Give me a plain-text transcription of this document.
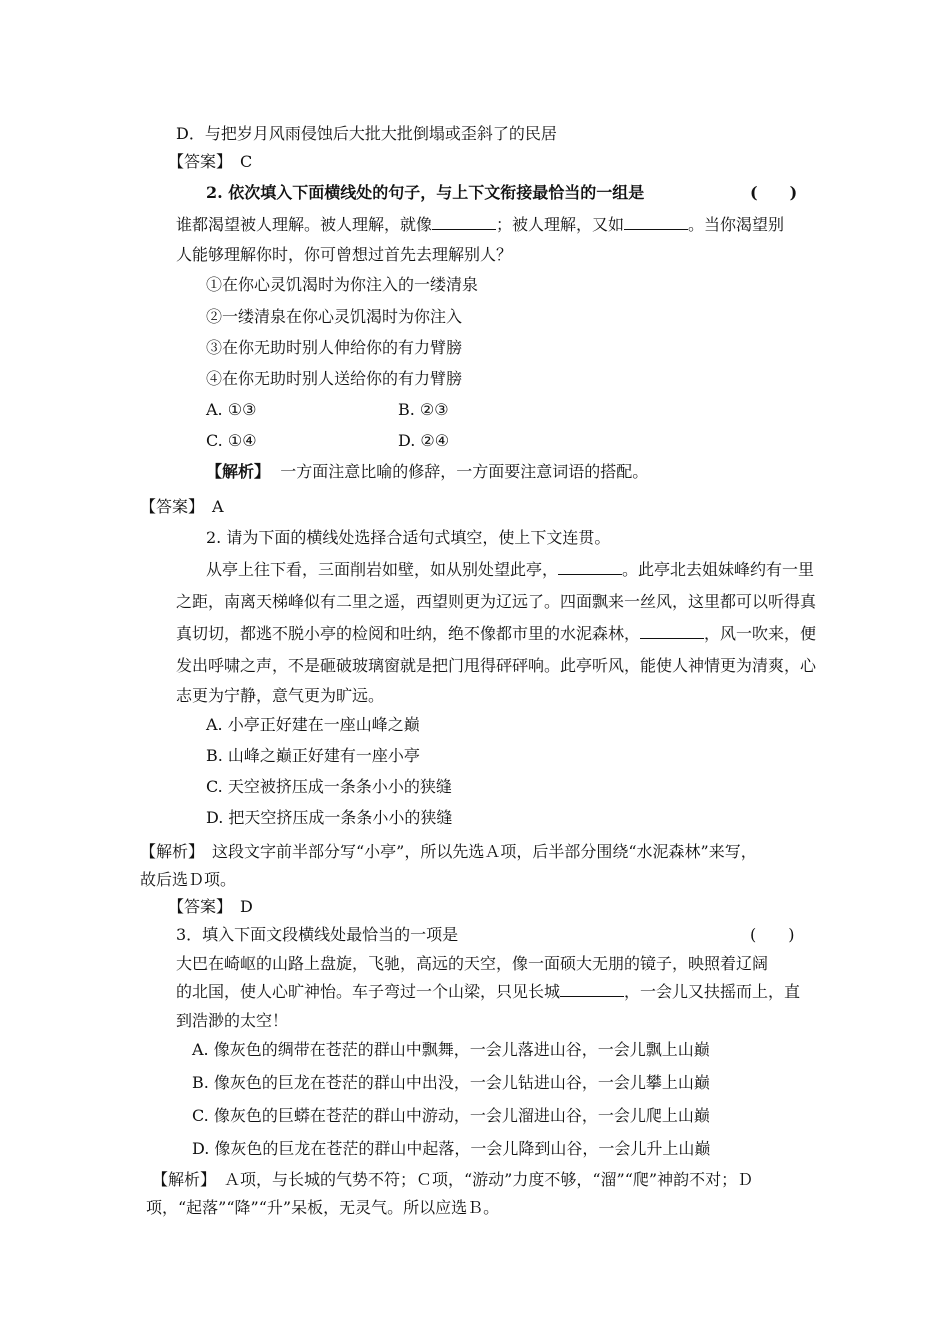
D．与把岁月风雨侵蚀后大批大批倒塌或歪斜了的民居
【答案】　C
2. 依次填入下面横线处的句子，与上下文衔接最恰当的一组是	(　　)
谁都渴望被人理解。被人理解，就像	；被人理解，又如	。当你渴望别
人能够理解你时，你可曾想过首先去理解别人？
①在你心灵饥渴时为你注入的一缕清泉
②一缕清泉在你心灵饥渴时为你注入
③在你无助时别人伸给你的有力臂膀
④在你无助时别人送给你的有力臂膀
A. ①③	B. ②③
C. ①④	D. ②④
【解析】 一方面注意比喻的修辞，一方面要注意词语的搭配。
【答案】　A
2. 请为下面的横线处选择合适句式填空，使上下文连贯。
从亭上往下看，三面削岩如壁，如从别处望此亭，	。此亭北去姐妹峰约有一里
之距，南离天梯峰似有二里之遥，西望则更为辽远了。四面飘来一丝风，这里都可以听得真
真切切，都逃不脱小亭的检阅和吐纳，绝不像都市里的水泥森林，	，风一吹来，便
发出呼啸之声，不是砸破玻璃窗就是把门甩得砰砰响。此亭听风，能使人神情更为清爽，心
志更为宁静，意气更为旷远。
A. 小亭正好建在一座山峰之巅
B. 山峰之巅正好建有一座小亭
C. 天空被挤压成一条条小小的狭缝
D. 把天空挤压成一条条小小的狭缝
【解析】　这段文字前半部分写“小亭”，所以先选Ａ项，后半部分围绕“水泥森林”来写，
故后选Ｄ项。
【答案】　D
3．填入下面文段横线处最恰当的一项是	(　　)
大巴在崎岖的山路上盘旋，飞驰，高远的天空，像一面硕大无朋的镜子，映照着辽阔
的北国，使人心旷神怡。车子弯过一个山梁，只见长城	，一会儿又扶摇而上，直
到浩渺的太空！
A. 像灰色的绸带在苍茫的群山中飘舞，一会儿落进山谷，一会儿飘上山巅
B. 像灰色的巨龙在苍茫的群山中出没，一会儿钻进山谷，一会儿攀上山巅
C. 像灰色的巨蟒在苍茫的群山中游动，一会儿溜进山谷，一会儿爬上山巅
D. 像灰色的巨龙在苍茫的群山中起落，一会儿降到山谷，一会儿升上山巅
【解析】　Ａ项，与长城的气势不符；Ｃ项，“游动”力度不够，“溜”“爬”神韵不对；Ｄ
项，“起落”“降”“升”呆板，无灵气。所以应选Ｂ。
